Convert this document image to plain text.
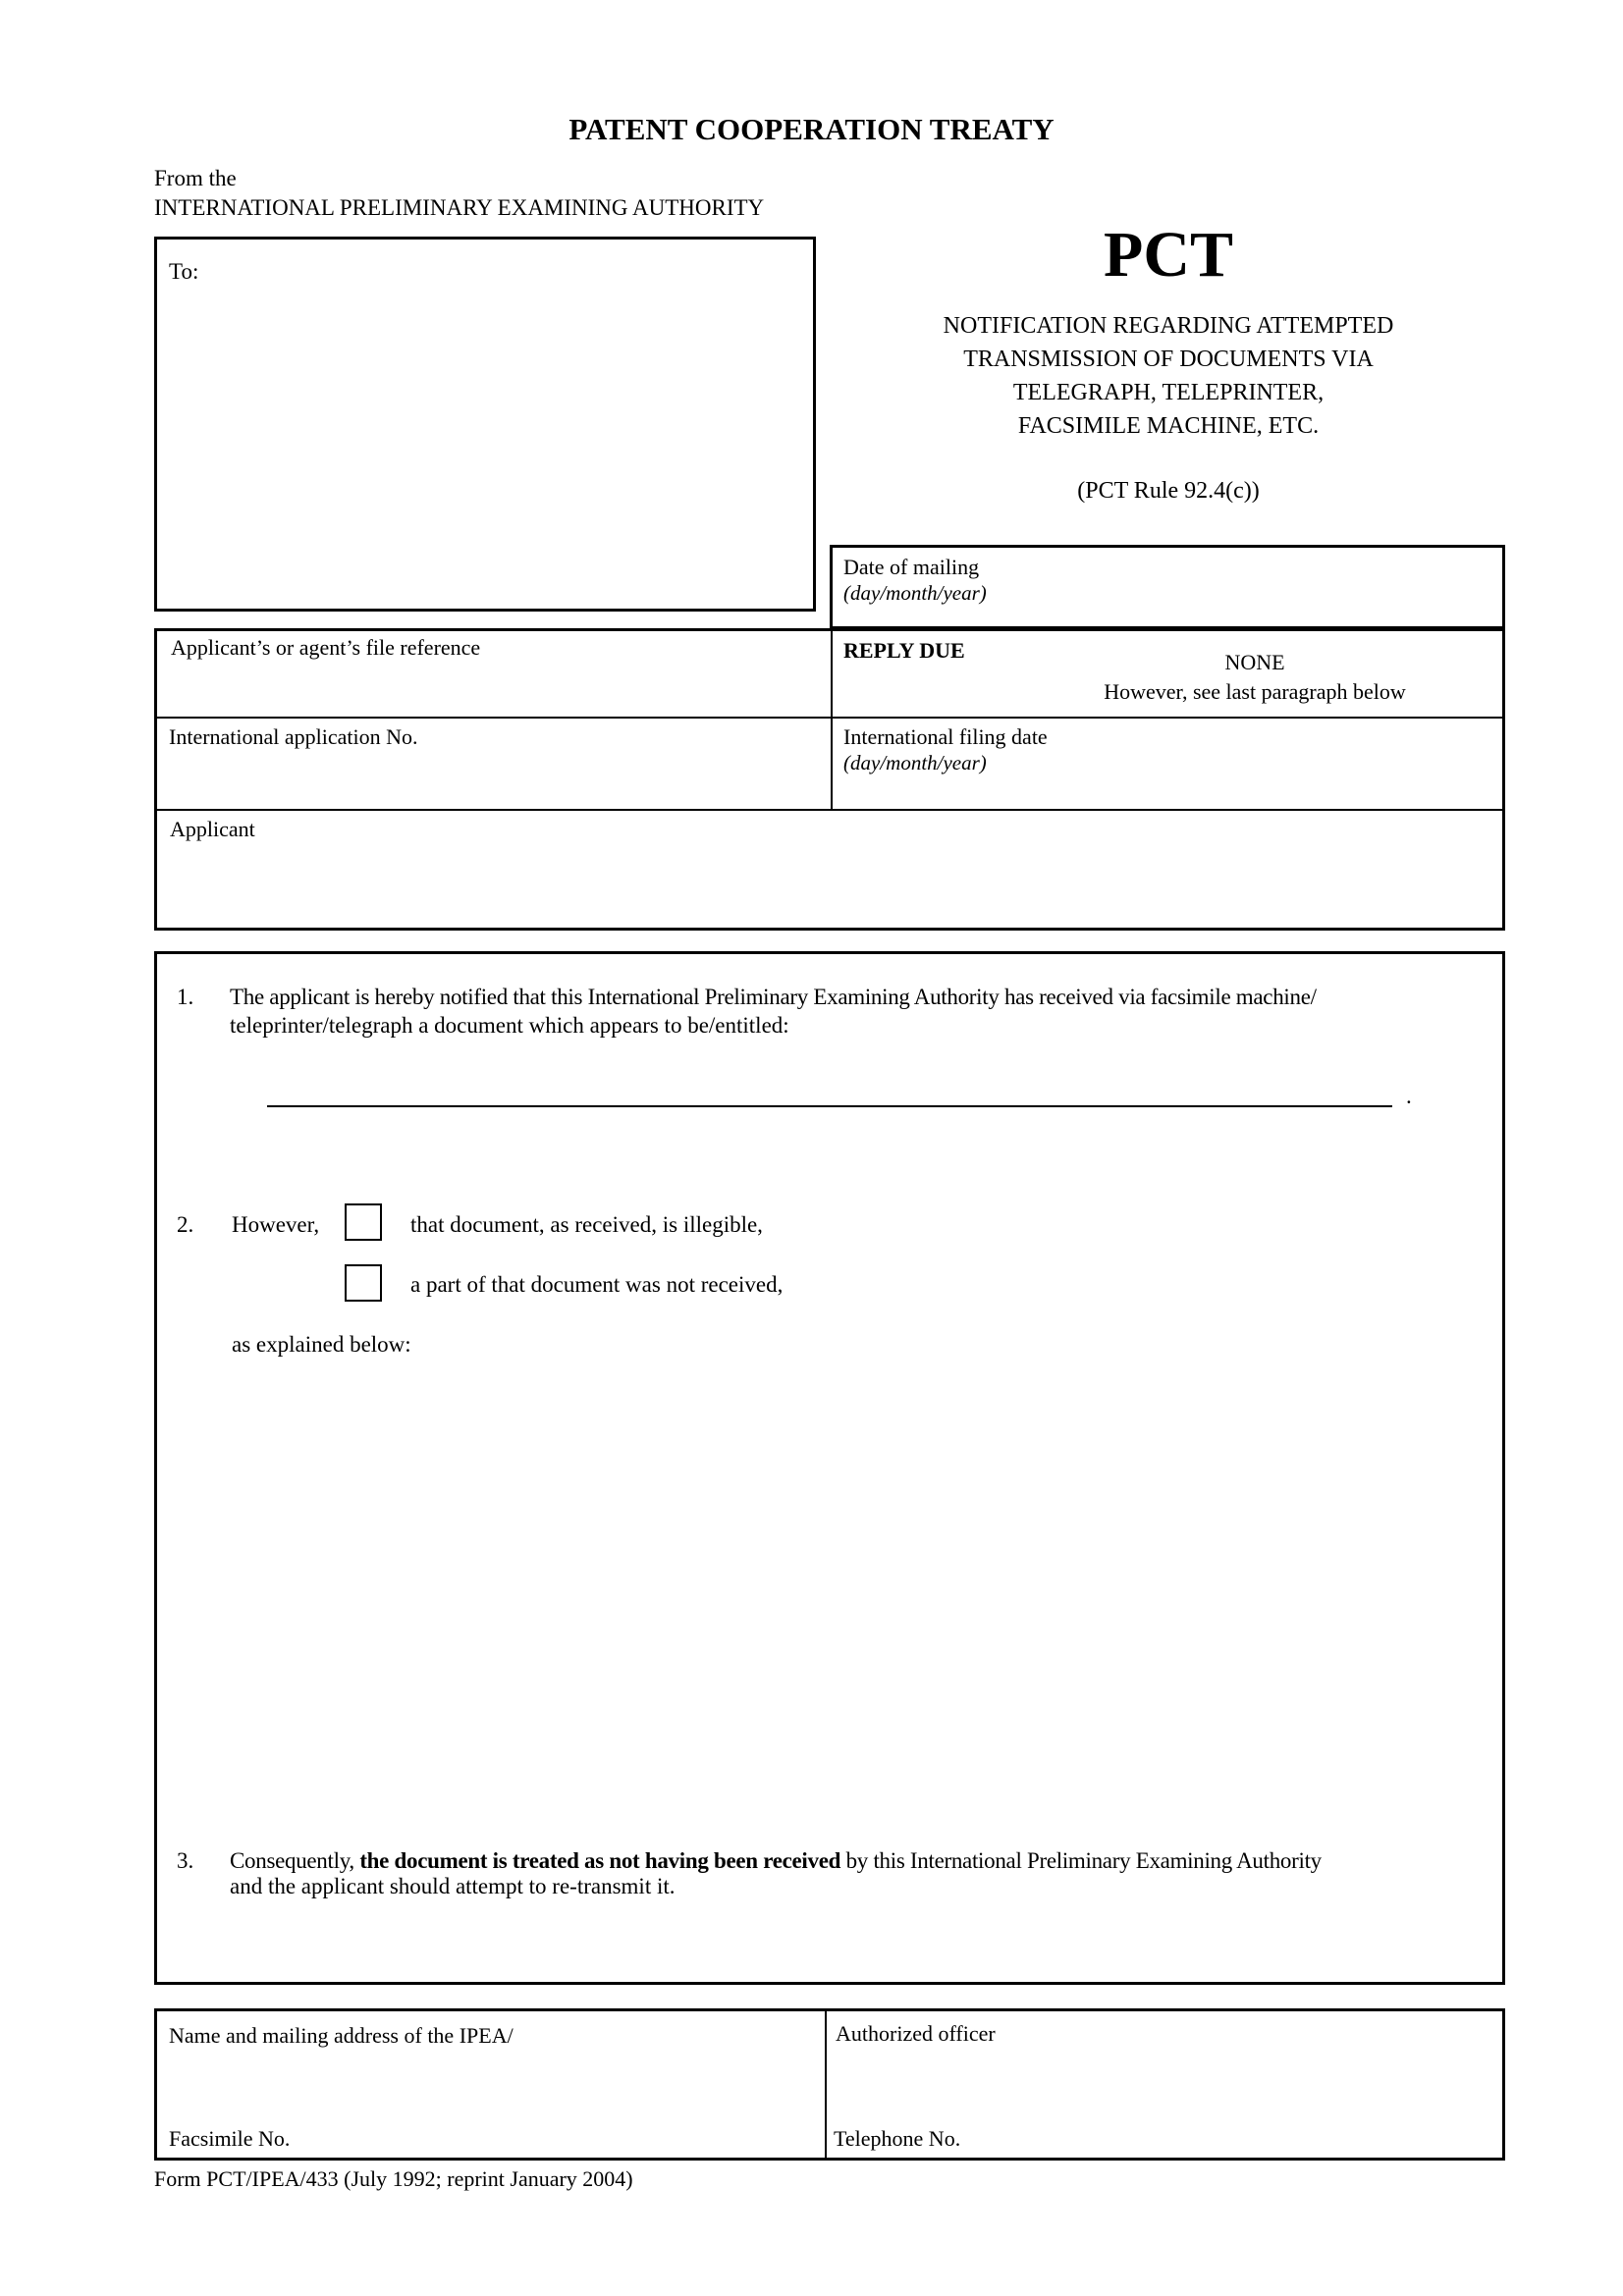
PATENT COOPERATION TREATY
From the
INTERNATIONAL PRELIMINARY EXAMINING AUTHORITY
To:	PCT
NOTIFICATION REGARDING ATTEMPTED
TRANSMISSION OF DOCUMENTS VIA
TELEGRAPH, TELEPRINTER,
FACSIMILE MACHINE, ETC.
(PCT Rule 92.4(c))
Date of mailing
(day/month/year)
Applicant’s or agent’s file reference	REPLY DUE	NONE
However, see last paragraph below
International application No.	International filing date
(day/month/year)
Applicant
1. The applicant is hereby notified that this International Preliminary Examining Authority has received via facsimile machine/
teleprinter/telegraph a document which appears to be/entitled:
.
2. However,	that document, as received, is illegible,
a part of that document was not received,
as explained below:
3. Consequently, the document is treated as not having been received by this International Preliminary Examining Authority
and the applicant should attempt to re-transmit it.
Name and mailing address of the IPEA/
Facsimile No.
Authorized officer
Telephone No.
Form PCT/IPEA/433 (July 1992; reprint January 2004)
